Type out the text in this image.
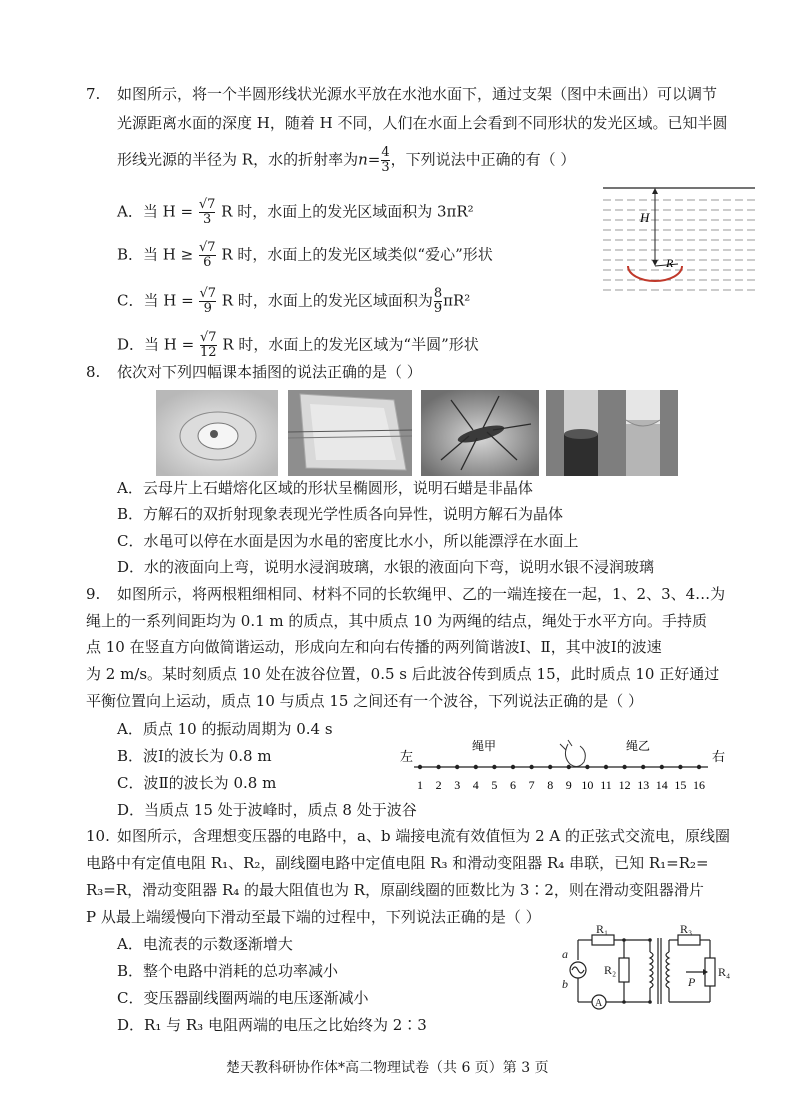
7. 如图所示，将一个半圆形线状光源水平放在水池水面下，通过支架（图中未画出）可以调节
光源距离水面的深度 H，随着 H 不同，人们在水面上会看到不同形状的发光区域。已知半圆
形线光源的半径为 R，水的折射率为$n= \frac{4}{3}$ ，下列说法中正确的有（ ）
A．当 $H = \frac{√7}{3}$ R 时，水面上的发光区域面积为 3πR²
B．当 $H \ge \frac{√7}{6}$ R 时，水面上的发光区域类似“爱心”形状
C．当 $H = \frac{√7}{9}$ R 时，水面上的发光区域面积为 $\frac{8}{9} \pi R^2$
D．当 $H = \frac{√7}{12}$ R 时，水面上的发光区域为“半圆”形状
H
R
8. 依次对下列四幅课本插图的说法正确的是（ ）
A．云母片上石蜡熔化区域的形状呈椭圆形，说明石蜡是非晶体
B．方解石的双折射现象表现光学性质各向异性，说明方解石为晶体
C．水黾可以停在水面是因为水黾的密度比水小，所以能漂浮在水面上
D．水的液面向上弯，说明水浸润玻璃，水银的液面向下弯，说明水银不浸润玻璃
9. 如图所示，将两根粗细相同、材料不同的长软绳甲、乙的一端连接在一起，1、2、3、4…为
绳上的一系列间距均为 0.1 m 的质点，其中质点 10 为两绳的结点，绳处于水平方向。手持质
点 10 在竖直方向做简谐运动，形成向左和向右传播的两列简谐波Ⅰ、Ⅱ，其中波Ⅰ的波速
为 2 m/s。某时刻质点 10 处在波谷位置，0.5 s 后此波谷传到质点 15，此时质点 10 正好通过
平衡位置向上运动，质点 10 与质点 15 之间还有一个波谷，下列说法正确的是（ ）
A．质点 10 的振动周期为 0.4 s
B．波Ⅰ的波长为 0.8 m
C．波Ⅱ的波长为 0.8 m
D．当质点 15 处于波峰时，质点 8 处于波谷
左	右
绳甲	绳乙
1 2 3 4 5 6 7 8 9 10 11 12 13 14 15 16
10. 如图所示，含理想变压器的电路中，a、b 端接电流有效值恒为 2 A 的正弦式交流电，原线圈
电路中有定值电阻 R₁、R₂，副线圈电路中定值电阻 R₃ 和滑动变阻器 R₄ 串联，已知 R₁=R₂=
R₃=R，滑动变阻器 R₄ 的最大阻值也为 R，原副线圈的匝数比为 3∶2，则在滑动变阻器滑片
P 从最上端缓慢向下滑动至最下端的过程中，下列说法正确的是（ ）
A．电流表的示数逐渐增大
B．整个电路中消耗的总功率减小
C．变压器副线圈两端的电压逐渐减小
D．R₁ 与 R₃ 电阻两端的电压之比始终为 2∶3
a
b
R₁
R₂
R₃
R₄
P
A
楚天教科研协作体*高二物理试卷（共 6 页）第 3 页
